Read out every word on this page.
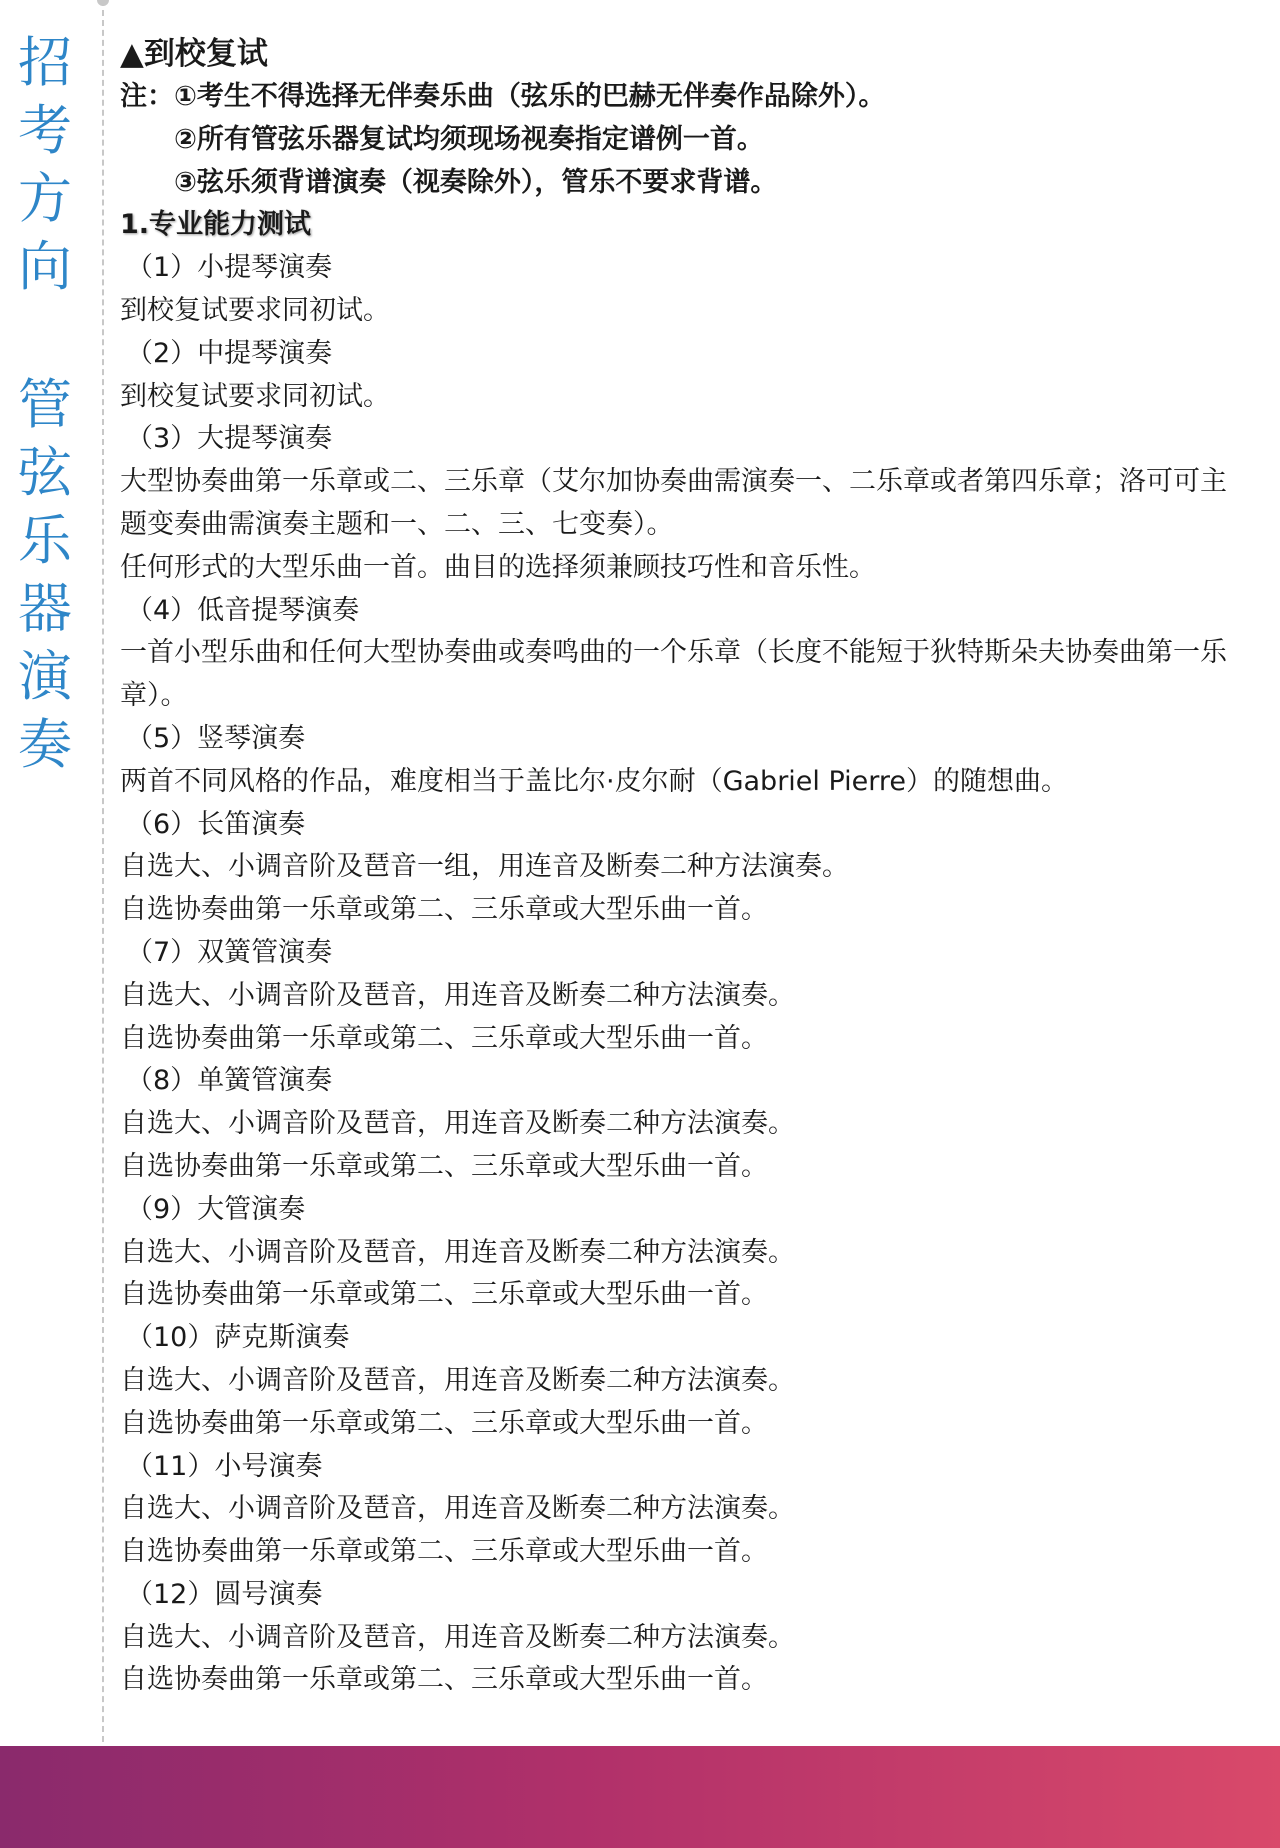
招
考
方
向
管
弦
乐
器
演
奏
▲到校复试
注：①考生不得选择无伴奏乐曲（弦乐的巴赫无伴奏作品除外）。
②所有管弦乐器复试均须现场视奏指定谱例一首。
③弦乐须背谱演奏（视奏除外），管乐不要求背谱。
1.专业能力测试
（1）小提琴演奏
到校复试要求同初试。
（2）中提琴演奏
到校复试要求同初试。
（3）大提琴演奏
大型协奏曲第一乐章或二、三乐章（艾尔加协奏曲需演奏一、二乐章或者第四乐章；洛可可主题变奏曲需演奏主题和一、二、三、七变奏）。
任何形式的大型乐曲一首。曲目的选择须兼顾技巧性和音乐性。
（4）低音提琴演奏
一首小型乐曲和任何大型协奏曲或奏鸣曲的一个乐章（长度不能短于狄特斯朵夫协奏曲第一乐章）。
（5）竖琴演奏
两首不同风格的作品，难度相当于盖比尔·皮尔耐（Gabriel Pierre）的随想曲。
（6）长笛演奏
自选大、小调音阶及琶音一组，用连音及断奏二种方法演奏。
自选协奏曲第一乐章或第二、三乐章或大型乐曲一首。
（7）双簧管演奏
自选大、小调音阶及琶音，用连音及断奏二种方法演奏。
自选协奏曲第一乐章或第二、三乐章或大型乐曲一首。
（8）单簧管演奏
自选大、小调音阶及琶音，用连音及断奏二种方法演奏。
自选协奏曲第一乐章或第二、三乐章或大型乐曲一首。
（9）大管演奏
自选大、小调音阶及琶音，用连音及断奏二种方法演奏。
自选协奏曲第一乐章或第二、三乐章或大型乐曲一首。
（10）萨克斯演奏
自选大、小调音阶及琶音，用连音及断奏二种方法演奏。
自选协奏曲第一乐章或第二、三乐章或大型乐曲一首。
（11）小号演奏
自选大、小调音阶及琶音，用连音及断奏二种方法演奏。
自选协奏曲第一乐章或第二、三乐章或大型乐曲一首。
（12）圆号演奏
自选大、小调音阶及琶音，用连音及断奏二种方法演奏。
自选协奏曲第一乐章或第二、三乐章或大型乐曲一首。
